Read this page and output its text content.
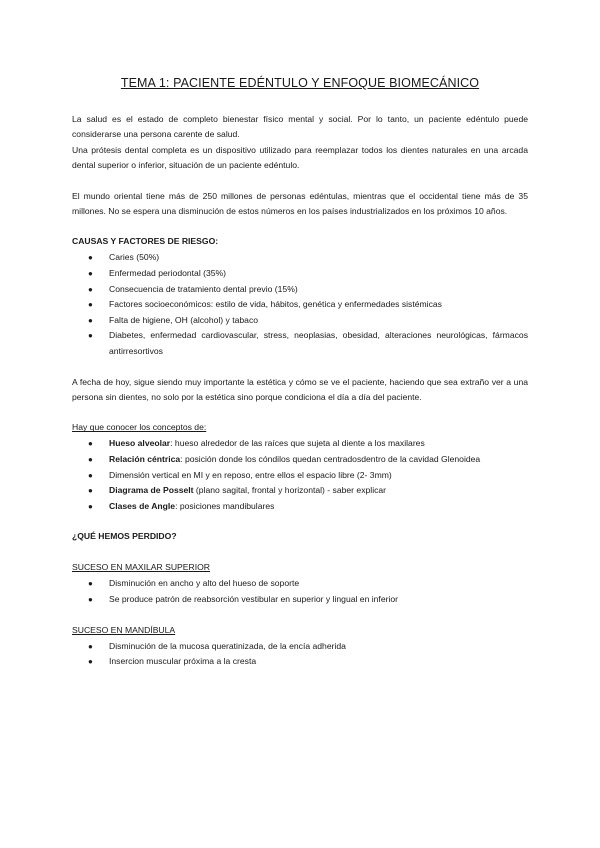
TEMA 1: PACIENTE EDÉNTULO Y ENFOQUE BIOMECÁNICO

La salud es el estado de completo bienestar físico mental y social. Por lo tanto, un paciente edéntulo puede considerarse una persona carente de salud.

Una prótesis dental completa es un dispositivo utilizado para reemplazar todos los dientes naturales en una arcada dental superior o inferior, situación de un paciente edéntulo.

El mundo oriental tiene más de 250 millones de personas edéntulas, mientras que el occidental tiene más de 35 millones. No se espera una disminución de estos números en los países industrializados en los próximos 10 años.

CAUSAS Y FACTORES DE RIESGO:
● Caries (50%)
● Enfermedad periodontal (35%)
● Consecuencia de tratamiento dental previo (15%)
● Factores socioeconómicos: estilo de vida, hábitos, genética y enfermedades sistémicas
● Falta de higiene, OH (alcohol) y tabaco
● Diabetes, enfermedad cardiovascular, stress, neoplasias, obesidad, alteraciones neurológicas, fármacos antirresortivos

A fecha de hoy, sigue siendo muy importante la estética y cómo se ve el paciente, haciendo que sea extraño ver a una persona sin dientes, no solo por la estética sino porque condiciona el día a día del paciente.

Hay que conocer los conceptos de:
● Hueso alveolar: hueso alrededor de las raíces que sujeta al diente a los maxilares
● Relación céntrica: posición donde los cóndilos quedan centradosdentro de la cavidad Glenoidea
● Dimensión vertical en MI y en reposo, entre ellos el espacio libre (2- 3mm)
● Diagrama de Posselt (plano sagital, frontal y horizontal) - saber explicar
● Clases de Angle: posiciones mandibulares
¿QUÉ HEMOS PERDIDO?
SUCESO EN MAXILAR SUPERIOR
● Disminución en ancho y alto del hueso de soporte
● Se produce patrón de reabsorción vestibular en superior y lingual en inferior
SUCESO EN MANDÍBULA
● Disminución de la mucosa queratinizada, de la encía adherida
● Insercion muscular próxima a la cresta
